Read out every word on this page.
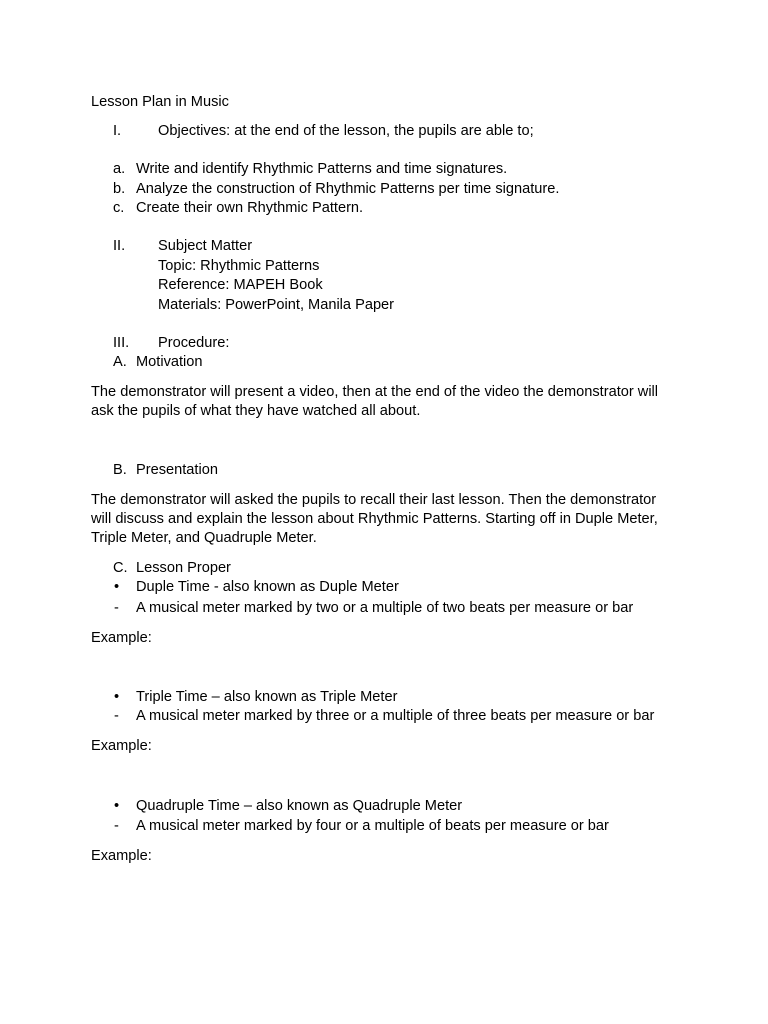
Lesson Plan in Music
I.	Objectives: at the end of the lesson, the pupils are able to;
a. Write and identify Rhythmic Patterns and time signatures.
b. Analyze the construction of Rhythmic Patterns per time signature.
c. Create their own Rhythmic Pattern.
II. Subject Matter
Topic: Rhythmic Patterns
Reference: MAPEH Book
Materials: PowerPoint, Manila Paper
III. Procedure:
A. Motivation
The demonstrator will present a video, then at the end of the video the demonstrator will
ask the pupils of what they have watched all about.
B. Presentation
The demonstrator will asked the pupils to recall their last lesson. Then the demonstrator
will discuss and explain the lesson about Rhythmic Patterns. Starting off in Duple Meter,
Triple Meter, and Quadruple Meter.
C. Lesson Proper
• Duple Time - also known as Duple Meter
- A musical meter marked by two or a multiple of two beats per measure or bar
Example:
• Triple Time – also known as Triple Meter
- A musical meter marked by three or a multiple of three beats per measure or bar
Example:
• Quadruple Time – also known as Quadruple Meter
- A musical meter marked by four or a multiple of beats per measure or bar
Example:
